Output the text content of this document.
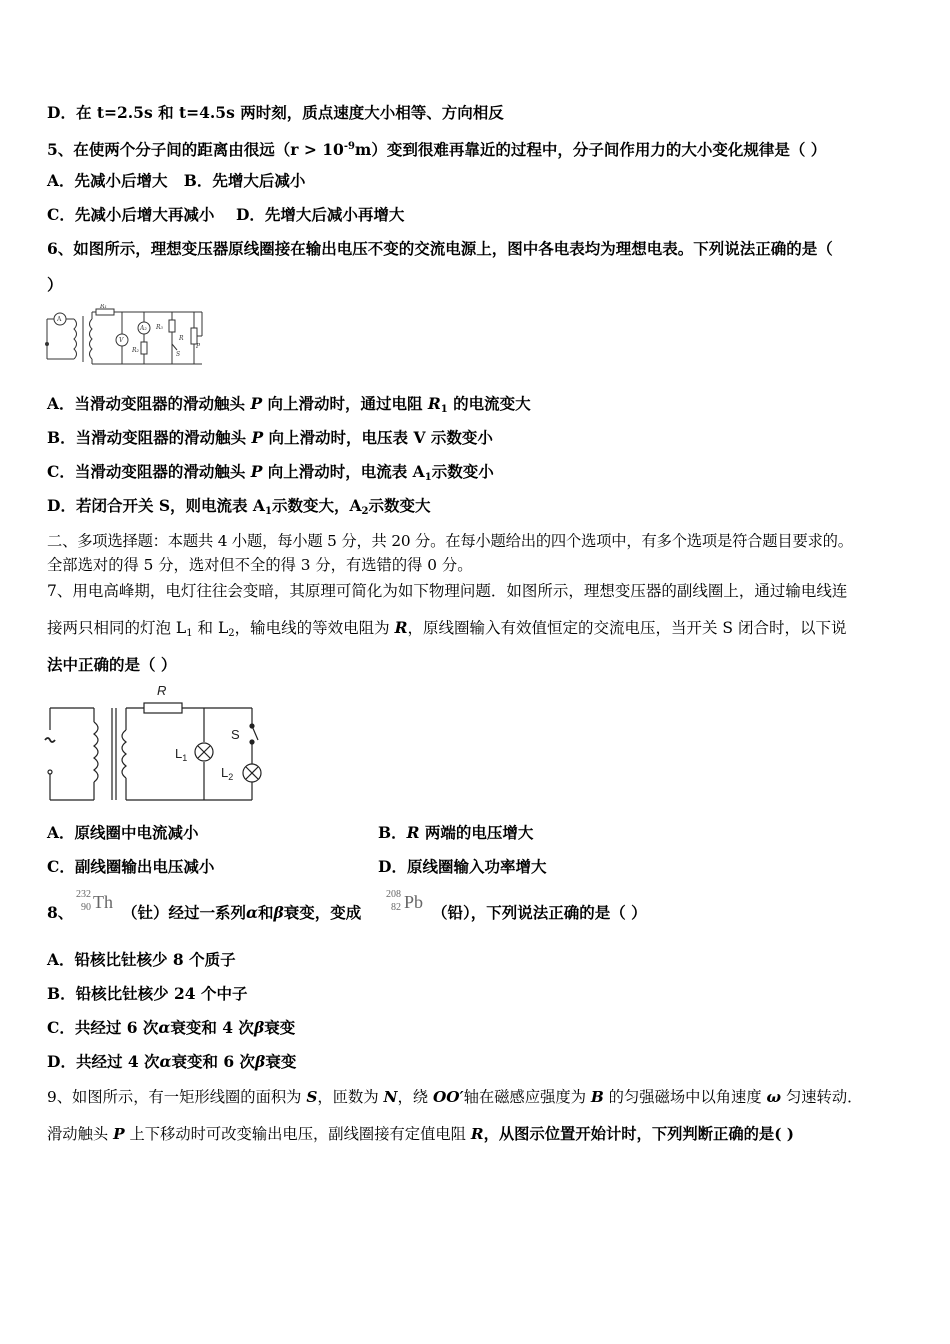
D．在 t=2.5s 和 t=4.5s 两时刻，质点速度大小相等、方向相反
5、在使两个分子间的距离由很远$(r > 10^{-9}m)$变到很难再靠近的过程中，分子间作用力的大小变化规律是（ ）
A．先减小后增大 B．先增大后减小
C．先减小后增大再减小 D．先增大后减小再增大
6、如图所示，理想变压器原线圈接在输出电压不变的交流电源上，图中各电表均为理想电表。下列说法正确的是（
）
R₁
V
A₂ R₃
R
P
R₂
S
A
A．当滑动变阻器的滑动触头 P 向上滑动时，通过电阻 $R_1$ 的电流变大
B．当滑动变阻器的滑动触头 P 向上滑动时，电压表 V 示数变小
C．当滑动变阻器的滑动触头 P 向上滑动时，电流表 $A_1$示数变小
D．若闭合开关 S，则电流表 $A_1$示数变大，$A_2$示数变大
二、多项选择题：本题共 4 小题，每小题 5 分，共 20 分。在每小题给出的四个选项中，有多个选项是符合题目要求的。
全部选对的得 5 分，选对但不全的得 3 分，有选错的得 0 分。
7、用电高峰期，电灯往往会变暗，其原理可简化为如下物理问题．如图所示，理想变压器的副线圈上，通过输电线连
接两只相同的灯泡 $L_1$ 和 $L_2$，输电线的等效电阻为 R，原线圈输入有效值恒定的交流电压，当开关 S 闭合时，以下说
法中正确的是（ ）
R
S
$L_1$
$L_2$
A．原线圈中电流减小	B．R 两端的电压增大
C．副线圈输出电压减小	D．原线圈输入功率增大
8、
232
90 Th
（钍）经过一系列α和β衰变，变成
208
82 Pb
（铅），下列说法正确的是（ ）
A．铅核比钍核少 8 个质子
B．铅核比钍核少 24 个中子
C．共经过 6 次α衰变和 4 次β衰变
D．共经过 4 次α衰变和 6 次β衰变
9、如图所示，有一矩形线圈的面积为 S，匝数为 N，绕 OO′轴在磁感应强度为 B 的匀强磁场中以角速度 ω 匀速转动．
滑动触头 P 上下移动时可改变输出电压，副线圈接有定值电阻 R，从图示位置开始计时，下列判断正确的是( )
